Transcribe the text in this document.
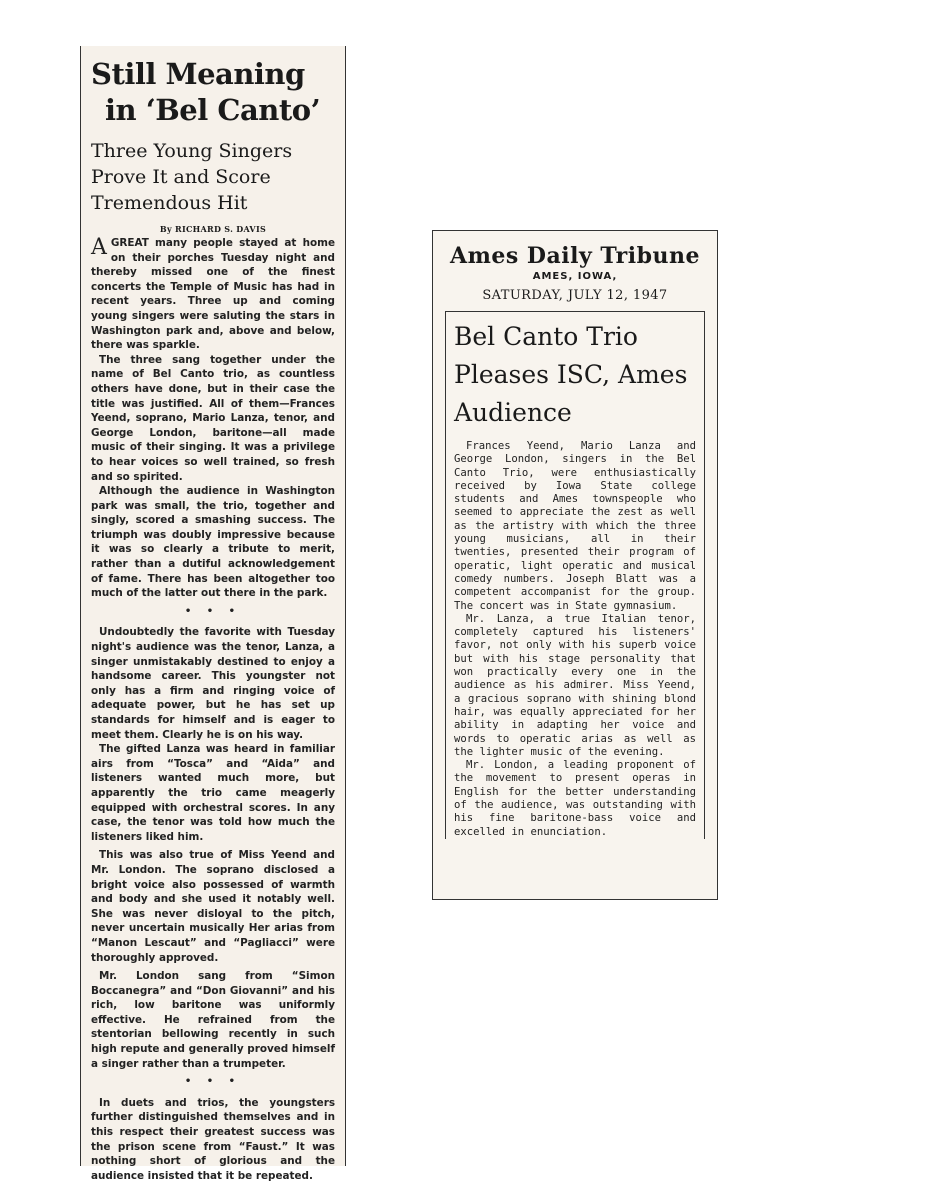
Still Meaning
in ‘Bel Canto’
Three Young Singers Prove It and Score Tremendous Hit
By RICHARD S. DAVIS

AGREAT many people stayed at home on their porches Tuesday night and thereby missed one of the finest concerts the Temple of Music has had in recent years. Three up and coming young singers were saluting the stars in Washington park and, above and below, there was sparkle.

The three sang together under the name of Bel Canto trio, as countless others have done, but in their case the title was justified. All of them—Frances Yeend, soprano, Mario Lanza, tenor, and George London, baritone—all made music of their singing. It was a privilege to hear voices so well trained, so fresh and so spirited.

Although the audience in Washington park was small, the trio, together and singly, scored a smashing success. The triumph was doubly impressive because it was so clearly a tribute to merit, rather than a dutiful acknowledgement of fame. There has been altogether too much of the latter out there in the park.

• • •

Undoubtedly the favorite with Tuesday night's audience was the tenor, Lanza, a singer unmistakably destined to enjoy a handsome career. This youngster not only has a firm and ringing voice of adequate power, but he has set up standards for himself and is eager to meet them. Clearly he is on his way.

The gifted Lanza was heard in familiar airs from “Tosca” and “Aida” and listeners wanted much more, but apparently the trio came meagerly equipped with orchestral scores. In any case, the tenor was told how much the listeners liked him.

This was also true of Miss Yeend and Mr. London. The soprano disclosed a bright voice also possessed of warmth and body and she used it notably well. She was never disloyal to the pitch, never uncertain musically Her arias from “Manon Lescaut” and “Pagliacci” were thoroughly approved.

Mr. London sang from “Simon Boccanegra” and “Don Giovanni” and his rich, low baritone was uniformly effective. He refrained from the stentorian bellowing recently in such high repute and generally proved himself a singer rather than a trumpeter.

• • •

In duets and trios, the youngsters further distinguished themselves and in this respect their greatest success was the prison scene from “Faust.” It was nothing short of glorious and the audience insisted that it be repeated.

Ames Daily Tribune
AMES, IOWA,
SATURDAY, JULY 12, 1947
Bel Canto Trio Pleases ISC, Ames Audience

Frances Yeend, Mario Lanza and George London, singers in the Bel Canto Trio, were enthusiastically received by Iowa State college students and Ames townspeople who seemed to appreciate the zest as well as the artistry with which the three young musicians, all in their twenties, presented their program of operatic, light operatic and musical comedy numbers. Joseph Blatt was a competent accompanist for the group. The concert was in State gymnasium.

Mr. Lanza, a true Italian tenor, completely captured his listeners' favor, not only with his superb voice but with his stage personality that won practically every one in the audience as his admirer. Miss Yeend, a gracious soprano with shining blond hair, was equally appreciated for her ability in adapting her voice and words to operatic arias as well as the lighter music of the evening.

Mr. London, a leading proponent of the movement to present operas in English for the better understanding of the audience, was outstanding with his fine baritone-bass voice and excelled in enunciation.
